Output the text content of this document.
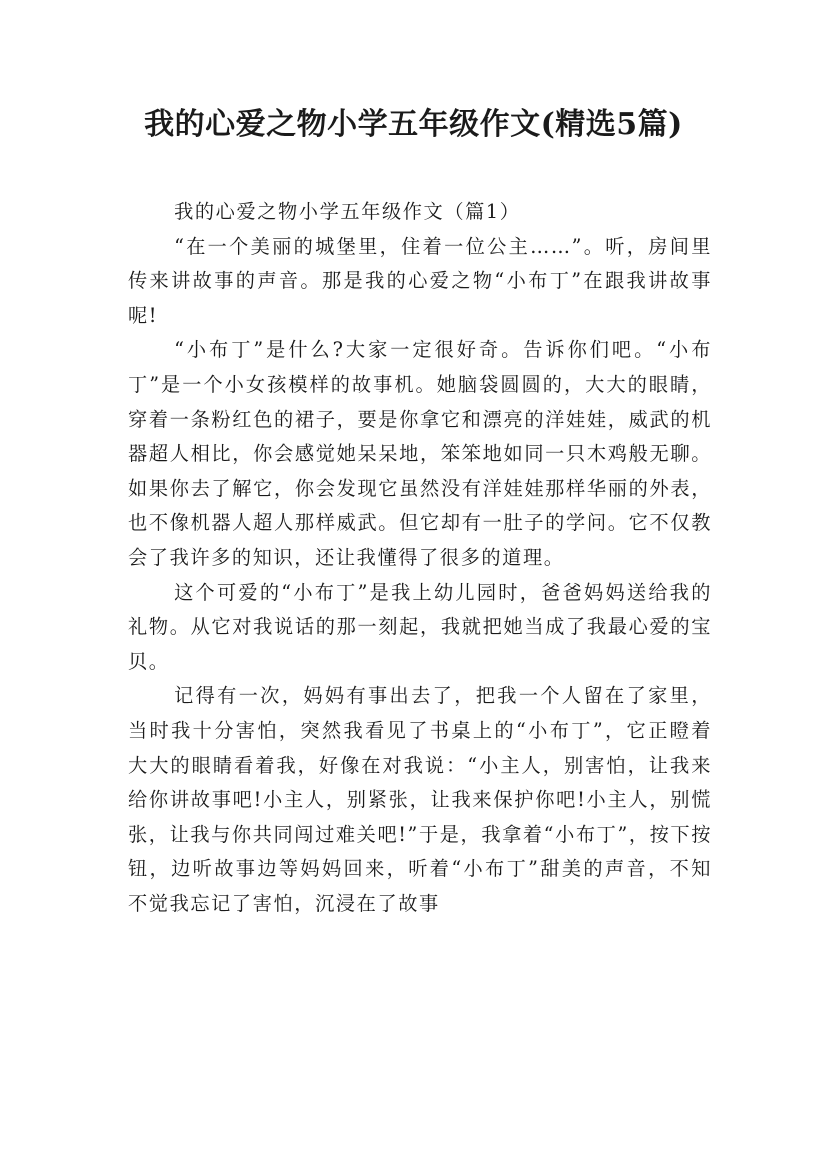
我的心爱之物小学五年级作文(精选5篇)

我的心爱之物小学五年级作文（篇1）

“在一个美丽的城堡里，住着一位公主……”。听，房间里传来讲故事的声音。那是我的心爱之物“小布丁”在跟我讲故事呢!

“小布丁”是什么?大家一定很好奇。告诉你们吧。“小布丁”是一个小女孩模样的故事机。她脑袋圆圆的，大大的眼睛，穿着一条粉红色的裙子，要是你拿它和漂亮的洋娃娃，威武的机器超人相比，你会感觉她呆呆地，笨笨地如同一只木鸡般无聊。如果你去了解它，你会发现它虽然没有洋娃娃那样华丽的外表，也不像机器人超人那样威武。但它却有一肚子的学问。它不仅教会了我许多的知识，还让我懂得了很多的道理。

这个可爱的“小布丁”是我上幼儿园时，爸爸妈妈送给我的礼物。从它对我说话的那一刻起，我就把她当成了我最心爱的宝贝。

记得有一次，妈妈有事出去了，把我一个人留在了家里，当时我十分害怕，突然我看见了书桌上的“小布丁”，它正瞪着大大的眼睛看着我，好像在对我说：“小主人，别害怕，让我来给你讲故事吧!小主人，别紧张，让我来保护你吧!小主人，别慌张，让我与你共同闯过难关吧!”于是，我拿着“小布丁”，按下按钮，边听故事边等妈妈回来，听着“小布丁”甜美的声音，不知不觉我忘记了害怕，沉浸在了故事
